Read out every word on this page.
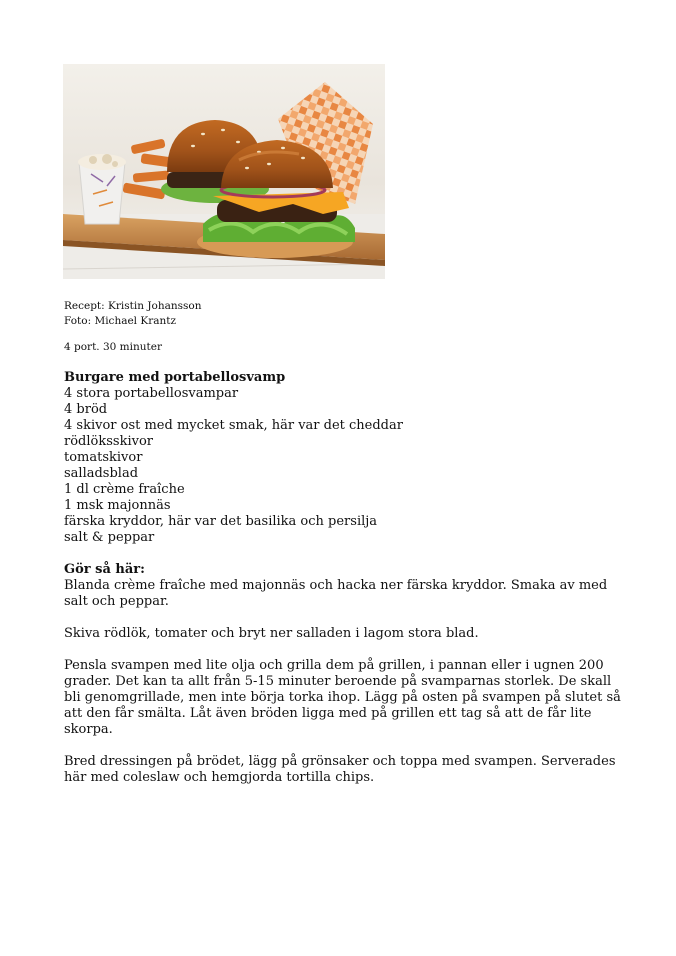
Recept: Kristin Johansson
Foto: Michael Krantz
4 port. 30 minuter
Burgare med portabellosvamp
4 stora portabellosvampar
4 bröd
4 skivor ost med mycket smak, här var det cheddar
rödlöksskivor
tomatskivor
salladsblad
1 dl crème fraîche
1 msk majonnäs
färska kryddor, här var det basilika och persilja
salt & peppar
Gör så här:

Blanda crème fraîche med majonnäs och hacka ner färska kryddor. Smaka av med salt och peppar.

Skiva rödlök, tomater och bryt ner salladen i lagom stora blad.

Pensla svampen med lite olja och grilla dem på grillen, i pannan eller i ugnen 200 grader. Det kan ta allt från 5-15 minuter beroende på svamparnas storlek. De skall bli genomgrillade, men inte börja torka ihop. Lägg på osten på svampen på slutet så att den får smälta. Låt även bröden ligga med på grillen ett tag så att de får lite skorpa.

Bred dressingen på brödet, lägg på grönsaker och toppa med svampen. Serverades här med coleslaw och hemgjorda tortilla chips.
